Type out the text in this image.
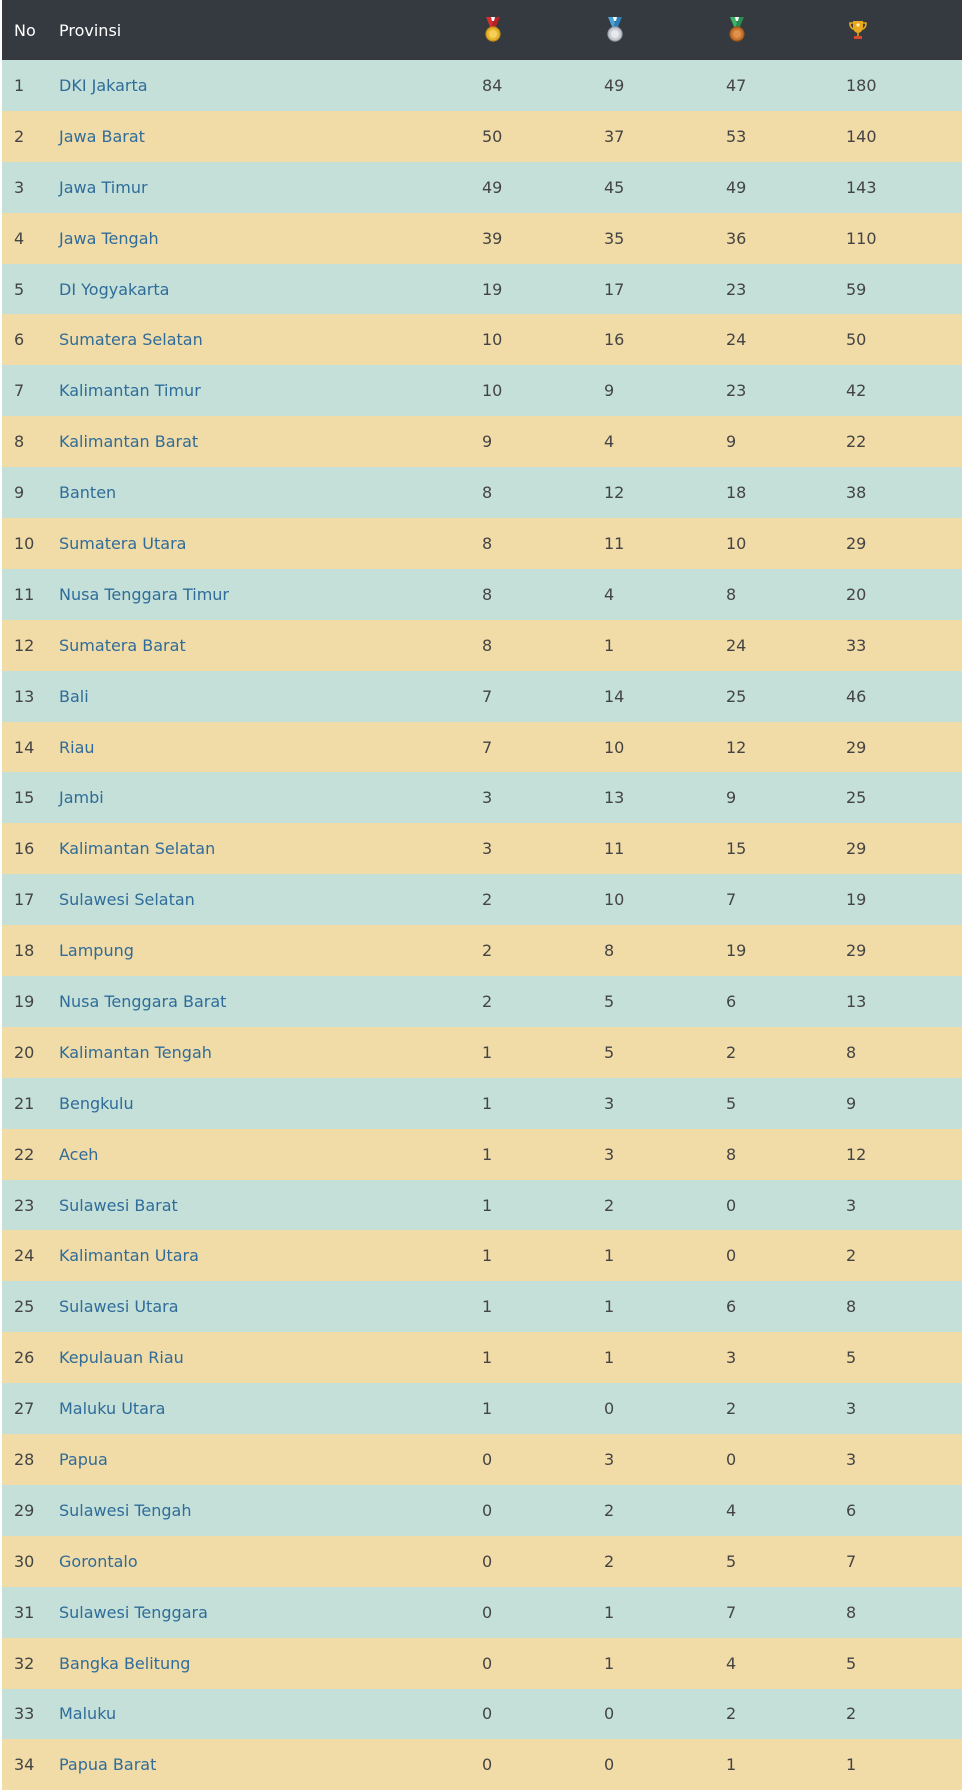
No	Provinsi	

1	DKI Jakarta	84	49	47	180
2	Jawa Barat	50	37	53	140
3	Jawa Timur	49	45	49	143
4	Jawa Tengah	39	35	36	110
5	DI Yogyakarta	19	17	23	59
6	Sumatera Selatan	10	16	24	50
7	Kalimantan Timur	10	9	23	42
8	Kalimantan Barat	9	4	9	22
9	Banten	8	12	18	38
10	Sumatera Utara	8	11	10	29
11	Nusa Tenggara Timur	8	4	8	20
12	Sumatera Barat	8	1	24	33
13	Bali	7	14	25	46
14	Riau	7	10	12	29
15	Jambi	3	13	9	25
16	Kalimantan Selatan	3	11	15	29
17	Sulawesi Selatan	2	10	7	19
18	Lampung	2	8	19	29
19	Nusa Tenggara Barat	2	5	6	13
20	Kalimantan Tengah	1	5	2	8
21	Bengkulu	1	3	5	9
22	Aceh	1	3	8	12
23	Sulawesi Barat	1	2	0	3
24	Kalimantan Utara	1	1	0	2
25	Sulawesi Utara	1	1	6	8
26	Kepulauan Riau	1	1	3	5
27	Maluku Utara	1	0	2	3
28	Papua	0	3	0	3
29	Sulawesi Tengah	0	2	4	6
30	Gorontalo	0	2	5	7
31	Sulawesi Tenggara	0	1	7	8
32	Bangka Belitung	0	1	4	5
33	Maluku	0	0	2	2
34	Papua Barat	0	0	1	1
